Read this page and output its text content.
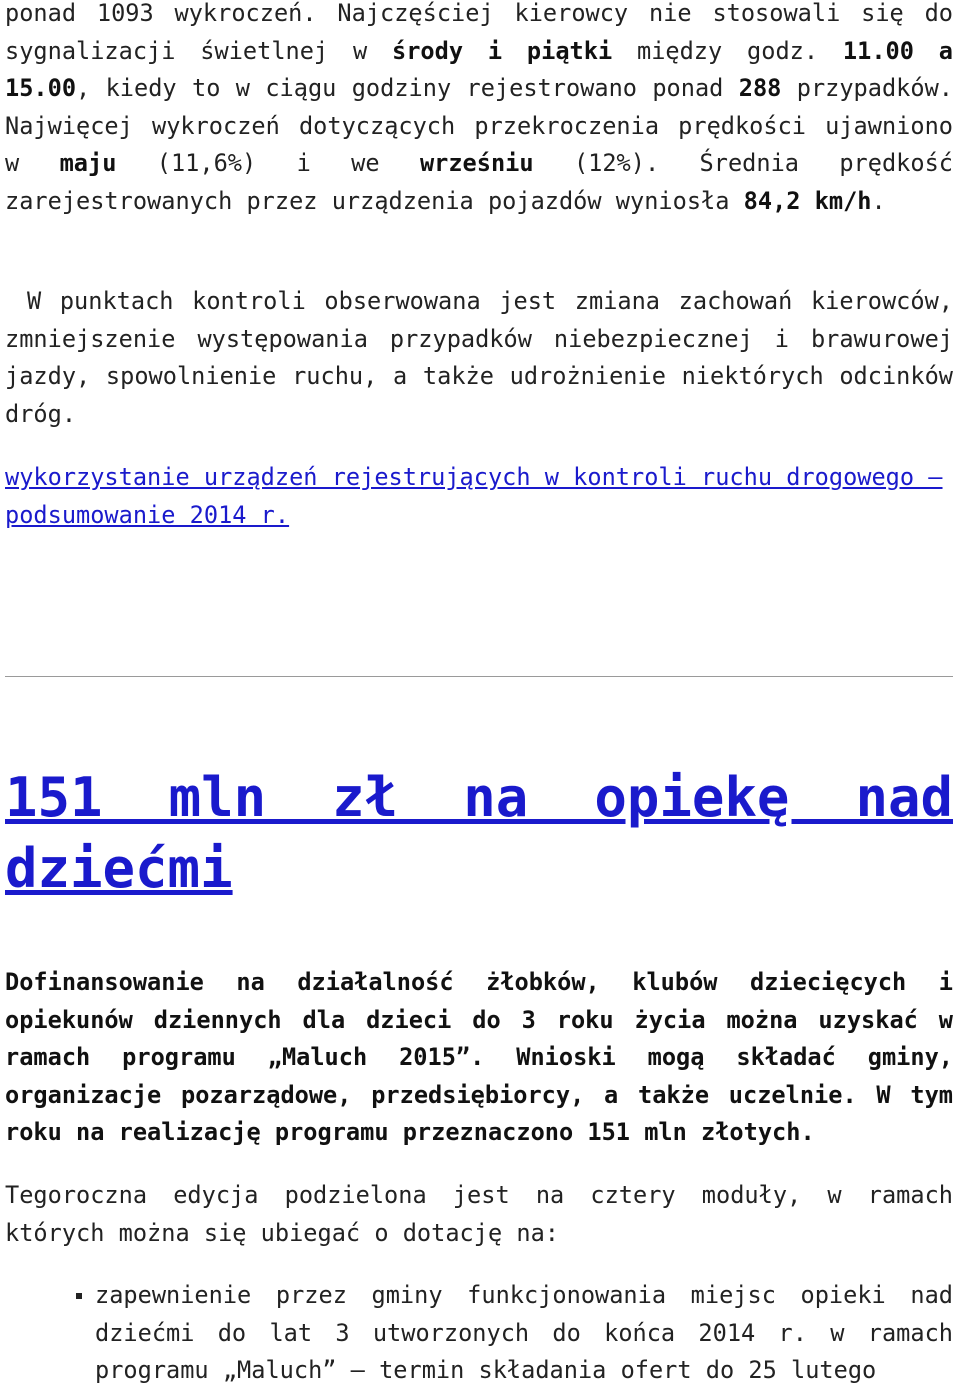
ponad 1093 wykroczeń. Najczęściej kierowcy nie stosowali się do sygnalizacji świetlnej w środy i piątki między godz. 11.00 a 15.00, kiedy to w ciągu godziny rejestrowano ponad 288 przypadków. Najwięcej wykroczeń dotyczących przekroczenia prędkości ujawniono w maju (11,6%) i we wrześniu (12%). Średnia prędkość zarejestrowanych przez urządzenia pojazdów wyniosła 84,2 km/h.

W punktach kontroli obserwowana jest zmiana zachowań kierowców, zmniejszenie występowania przypadków niebezpiecznej i brawurowej jazdy, spowolnienie ruchu, a także udrożnienie niektórych odcinków dróg.

wykorzystanie urządzeń rejestrujących w kontroli ruchu drogowego – podsumowanie 2014 r.
151 mln zł na opiekę nad dziećmi

Dofinansowanie na działalność żłobków, klubów dziecięcych i opiekunów dziennych dla dzieci do 3 roku życia można uzyskać w ramach programu „Maluch 2015”. Wnioski mogą składać gminy, organizacje pozarządowe, przedsiębiorcy, a także uczelnie. W tym roku na realizację programu przeznaczono 151 mln złotych.

Tegoroczna edycja podzielona jest na cztery moduły, w ramach których można się ubiegać o dotację na:

zapewnienie przez gminy funkcjonowania miejsc opieki nad dziećmi do lat 3 utworzonych do końca 2014 r. w ramach programu „Maluch” – termin składania ofert do 25 lutego
